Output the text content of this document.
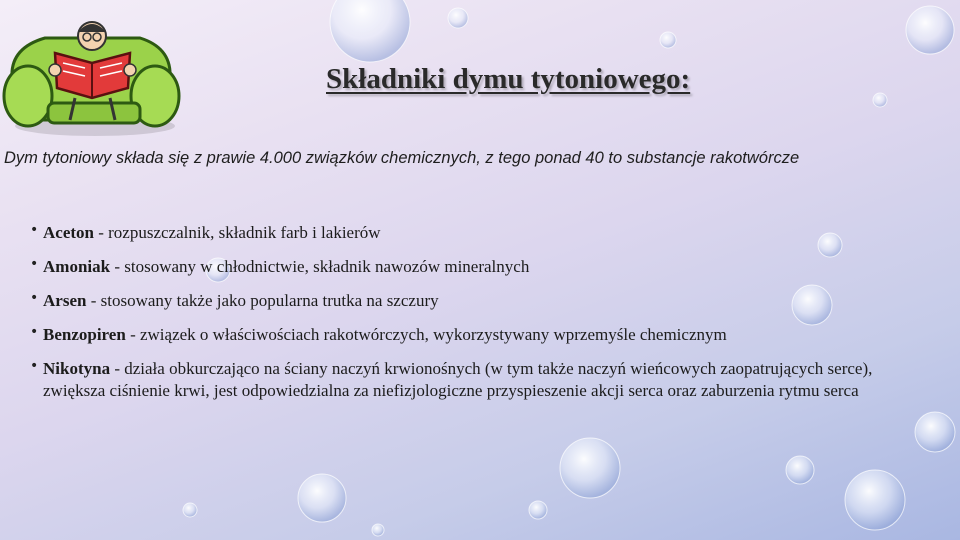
Składniki dymu tytoniowego:

Dym tytoniowy składa się z prawie 4.000 związków chemicznych, z tego ponad 40 to substancje rakotwórcze

• Aceton - rozpuszczalnik, składnik farb i lakierów
• Amoniak - stosowany w chłodnictwie, składnik nawozów mineralnych
• Arsen - stosowany także jako popularna trutka na szczury
• Benzopiren - związek o właściwościach rakotwórczych, wykorzystywany wprzemyśle chemicznym
• Nikotyna - działa obkurczająco na ściany naczyń krwionośnych (w tym także naczyń wieńcowych zaopatrujących serce), zwiększa ciśnienie krwi, jest odpowiedzialna za niefizjologiczne przyspieszenie akcji serca oraz zaburzenia rytmu serca
